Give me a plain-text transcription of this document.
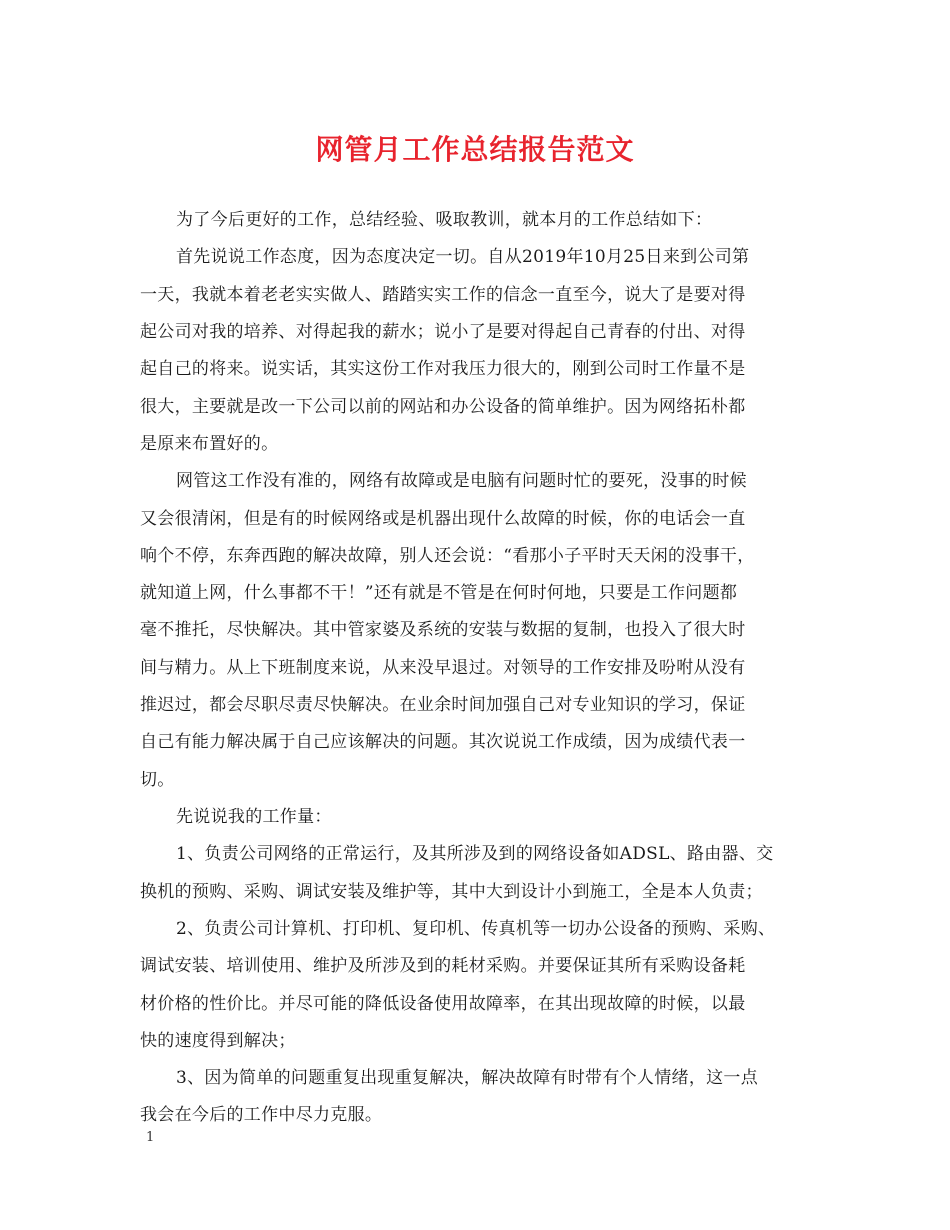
网管月工作总结报告范文
为了今后更好的工作，总结经验、吸取教训，就本月的工作总结如下：
首先说说工作态度，因为态度决定一切。自从2019年10月25日来到公司第
一天，我就本着老老实实做人、踏踏实实工作的信念一直至今，说大了是要对得
起公司对我的培养、对得起我的薪水；说小了是要对得起自己青春的付出、对得
起自己的将来。说实话，其实这份工作对我压力很大的，刚到公司时工作量不是
很大，主要就是改一下公司以前的网站和办公设备的简单维护。因为网络拓朴都
是原来布置好的。
网管这工作没有准的，网络有故障或是电脑有问题时忙的要死，没事的时候
又会很清闲，但是有的时候网络或是机器出现什么故障的时候，你的电话会一直
响个不停，东奔西跑的解决故障，别人还会说：“看那小子平时天天闲的没事干，
就知道上网，什么事都不干！”还有就是不管是在何时何地，只要是工作问题都
毫不推托，尽快解决。其中管家婆及系统的安装与数据的复制，也投入了很大时
间与精力。从上下班制度来说，从来没早退过。对领导的工作安排及吩咐从没有
推迟过，都会尽职尽责尽快解决。在业余时间加强自己对专业知识的学习，保证
自己有能力解决属于自己应该解决的问题。其次说说工作成绩，因为成绩代表一
切。
先说说我的工作量：
1、负责公司网络的正常运行，及其所涉及到的网络设备如ADSL、路由器、交
换机的预购、采购、调试安装及维护等，其中大到设计小到施工，全是本人负责；
2、负责公司计算机、打印机、复印机、传真机等一切办公设备的预购、采购、
调试安装、培训使用、维护及所涉及到的耗材采购。并要保证其所有采购设备耗
材价格的性价比。并尽可能的降低设备使用故障率，在其出现故障的时候，以最
快的速度得到解决；
3、因为简单的问题重复出现重复解决，解决故障有时带有个人情绪，这一点
我会在今后的工作中尽力克服。
1
